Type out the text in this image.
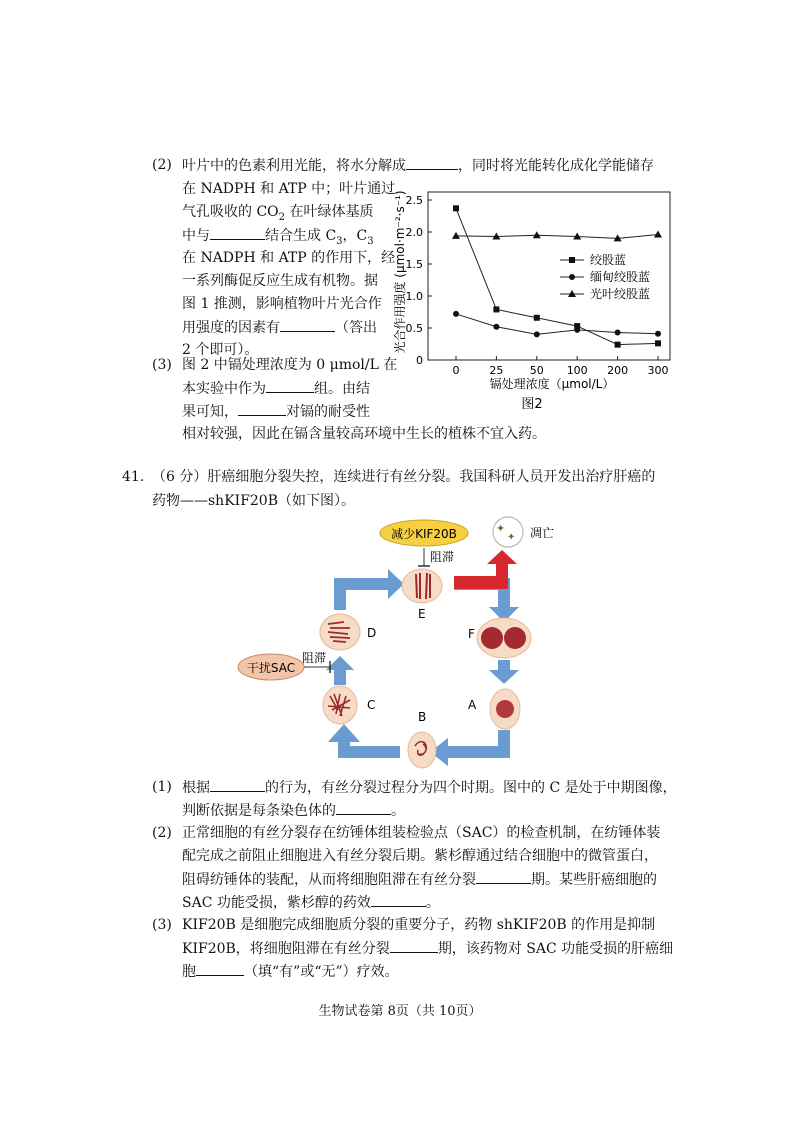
(2) 叶片中的色素利用光能，将水分解成	，同时将光能转化成化学能储存
在 NADPH 和 ATP 中；叶片通过
气孔吸收的 $CO_2$ 在叶绿体基质
中与	结合生成 $C_3$，$C_3$
在 NADPH 和 ATP 的作用下，经
一系列酶促反应生成有机物。据
图 1 推测，影响植物叶片光合作
用强度的因素有	（答出
2 个即可）。
(3) 图 2 中镉处理浓度为 0 μmol/L 在
本实验中作为	组。由结
果可知，	对镉的耐受性
相对较强，因此在镉含量较高环境中生长的植株不宜入药。
0
0.5
1.0
1.5
2.0
2.5
0	25 50 100 200 300
绞股蓝
缅甸绞股蓝
光叶绞股蓝
光合作用强度 (μmol·m⁻²·s⁻¹)
镉处理浓度（μmol/L）
图2
41. （6 分）肝癌细胞分裂失控，连续进行有丝分裂。我国科研人员开发出治疗肝癌的
药物——shKIF20B（如下图）。
减少KIF20B
阻滞
✦
✦ 凋亡
干扰SAC
阻滞
E
F
A
B
C
D
(1) 根据	的行为，有丝分裂过程分为四个时期。图中的 C 是处于中期图像，
判断依据是每条染色体的	。
(2) 正常细胞的有丝分裂存在纺锤体组装检验点（SAC）的检查机制，在纺锤体装
配完成之前阻止细胞进入有丝分裂后期。紫杉醇通过结合细胞中的微管蛋白，
阻碍纺锤体的装配，从而将细胞阻滞在有丝分裂	期。某些肝癌细胞的
SAC 功能受损，紫杉醇的药效	。
(3) KIF20B 是细胞完成细胞质分裂的重要分子，药物 shKIF20B 的作用是抑制
KIF20B，将细胞阻滞在有丝分裂	期，该药物对 SAC 功能受损的肝癌细
胞	（填“有”或“无”）疗效。
生物试卷第 8页（共 10页）
